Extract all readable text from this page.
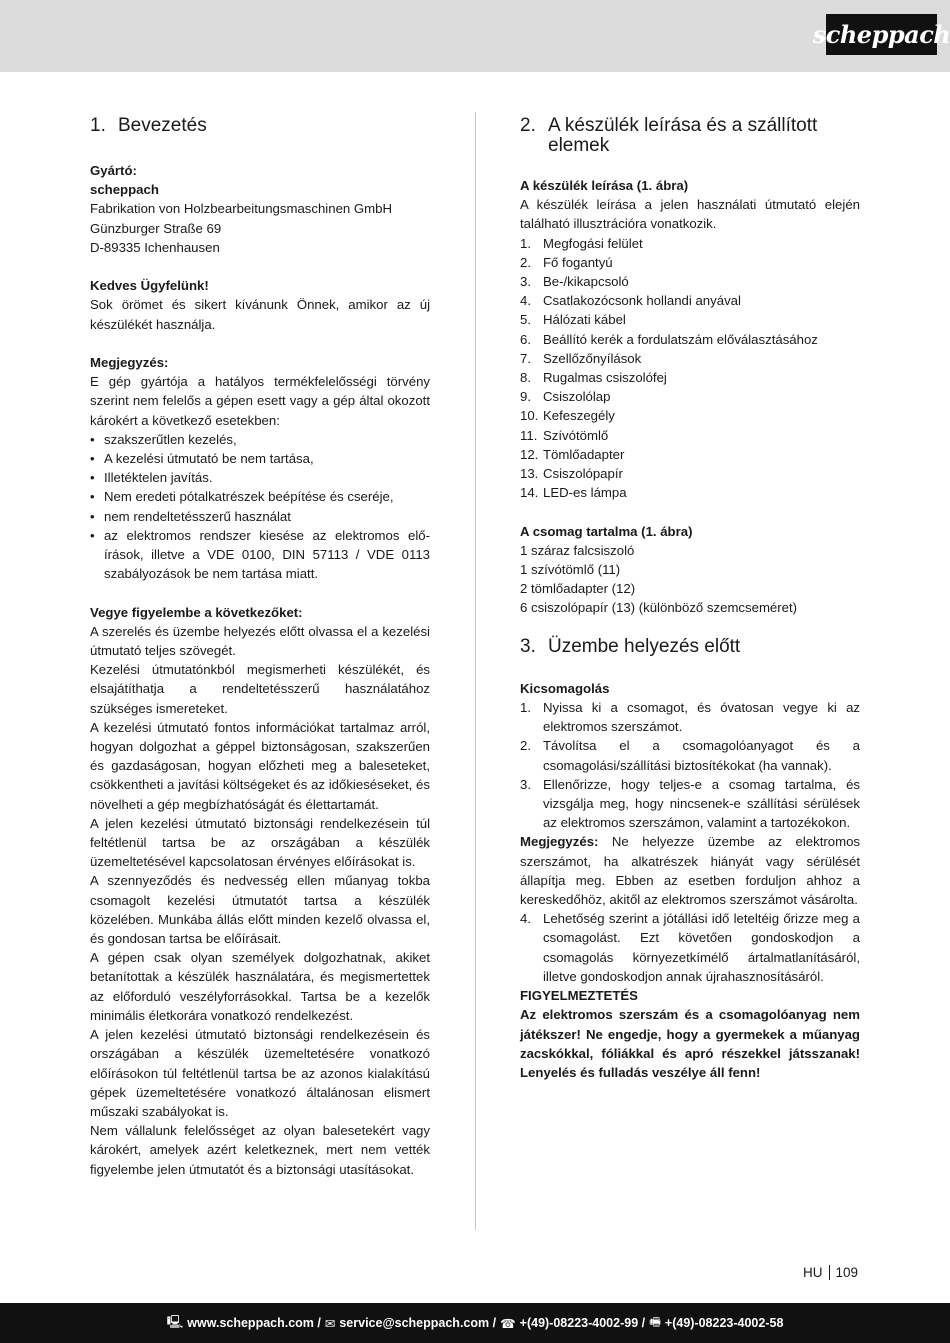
scheppach
1. Bevezetés

Gyártó:

scheppach

Fabrikation von Holzbearbeitungsmaschinen GmbH

Günzburger Straße 69

D-89335 Ichenhausen

Kedves Ügyfelünk!

Sok örömet és sikert kívánunk Önnek, amikor az új készülékét használja.

Megjegyzés:

E gép gyártója a hatályos termékfelelősségi törvény szerint nem felelős a gépen esett vagy a gép által okozott károkért a következő esetekben:

• szakszerűtlen kezelés,
• A kezelési útmutató be nem tartása,
• Illetéktelen javítás.
• Nem eredeti pótalkatrészek beépítése és cseréje,
• nem rendeltetésszerű használat
• az elektromos rendszer kiesése az elektromos előírások, illetve a VDE 0100, DIN 57113 / VDE 0113 szabályozások be nem tartása miatt.

Vegye figyelembe a következőket:

A szerelés és üzembe helyezés előtt olvassa el a kezelési útmutató teljes szövegét.

Kezelési útmutatónkból megismerheti készülékét, és elsajátíthatja a rendeltetésszerű használatához szükséges ismereteket.

A kezelési útmutató fontos információkat tartalmaz arról, hogyan dolgozhat a géppel biztonságosan, szakszerűen és gazdaságosan, hogyan előzheti meg a baleseteket, csökkentheti a javítási költségeket és az időkieséseket, és növelheti a gép megbízhatóságát és élettartamát.

A jelen kezelési útmutató biztonsági rendelkezésein túl feltétlenül tartsa be az országában a készülék üzemeltetésével kapcsolatosan érvényes előírásokat is.

A szennyeződés és nedvesség ellen műanyag tokba csomagolt kezelési útmutatót tartsa a készülék közelében. Munkába állás előtt minden kezelő olvassa el, és gondosan tartsa be előírásait.

A gépen csak olyan személyek dolgozhatnak, akiket betanítottak a készülék használatára, és megismertettek az előforduló veszélyforrásokkal. Tartsa be a kezelők minimális életkorára vonatkozó rendelkezést.

A jelen kezelési útmutató biztonsági rendelkezésein és országában a készülék üzemeltetésére vonatkozó előírásokon túl feltétlenül tartsa be az azonos kialakítású gépek üzemeltetésére vonatkozó általánosan elismert műszaki szabályokat is.

Nem vállalunk felelősséget az olyan balesetekért vagy károkért, amelyek azért keletkeznek, mert nem vették figyelembe jelen útmutatót és a biztonsági utasításokat.

2. A készülék leírása és a szállított elemek

A készülék leírása (1. ábra)

A készülék leírása a jelen használati útmutató elején található illusztrációra vonatkozik.

1. Megfogási felület
2. Fő fogantyú
3. Be-/kikapcsoló
4. Csatlakozócsonk hollandi anyával
5. Hálózati kábel
6. Beállító kerék a fordulatszám előválasztásához
7. Szellőzőnyílások
8. Rugalmas csiszolófej
9. Csiszolólap
10. Kefeszegély
11. Szívótömlő
12. Tömlőadapter
13. Csiszolópapír
14. LED-es lámpa

A csomag tartalma (1. ábra)

1 száraz falcsiszoló

1 szívótömlő (11)

2 tömlőadapter (12)

6 csiszolópapír (13) (különböző szemcseméret)

3. Üzembe helyezés előtt

Kicsomagolás

1. Nyissa ki a csomagot, és óvatosan vegye ki az elektromos szerszámot.
2. Távolítsa el a csomagolóanyagot és a csomagolási/szállítási biztosítékokat (ha vannak).
3. Ellenőrizze, hogy teljes-e a csomag tartalma, és vizsgálja meg, hogy nincsenek-e szállítási sérülések az elektromos szerszámon, valamint a tartozékokon.

Megjegyzés: Ne helyezze üzembe az elektromos szerszámot, ha alkatrészek hiányát vagy sérülését állapítja meg. Ebben az esetben forduljon ahhoz a kereskedőhöz, akitől az elektromos szerszámot vásárolta.

4. Lehetőség szerint a jótállási idő leteltéig őrizze meg a csomagolást. Ezt követően gondoskodjon a csomagolás környezetkímélő ártalmatlanításáról, illetve gondoskodjon annak újrahasznosításáról.

FIGYELMEZTETÉS

Az elektromos szerszám és a csomagolóanyag nem játékszer! Ne engedje, hogy a gyermekek a műanyag zacskókkal, fóliákkal és apró részekkel játsszanak! Lenyelés és fulladás veszélye áll fenn!

HU 109
🖳 www.scheppach.com / ✉ service@scheppach.com / ☎ +(49)-08223-4002-99 / 🖷 +(49)-08223-4002-58
